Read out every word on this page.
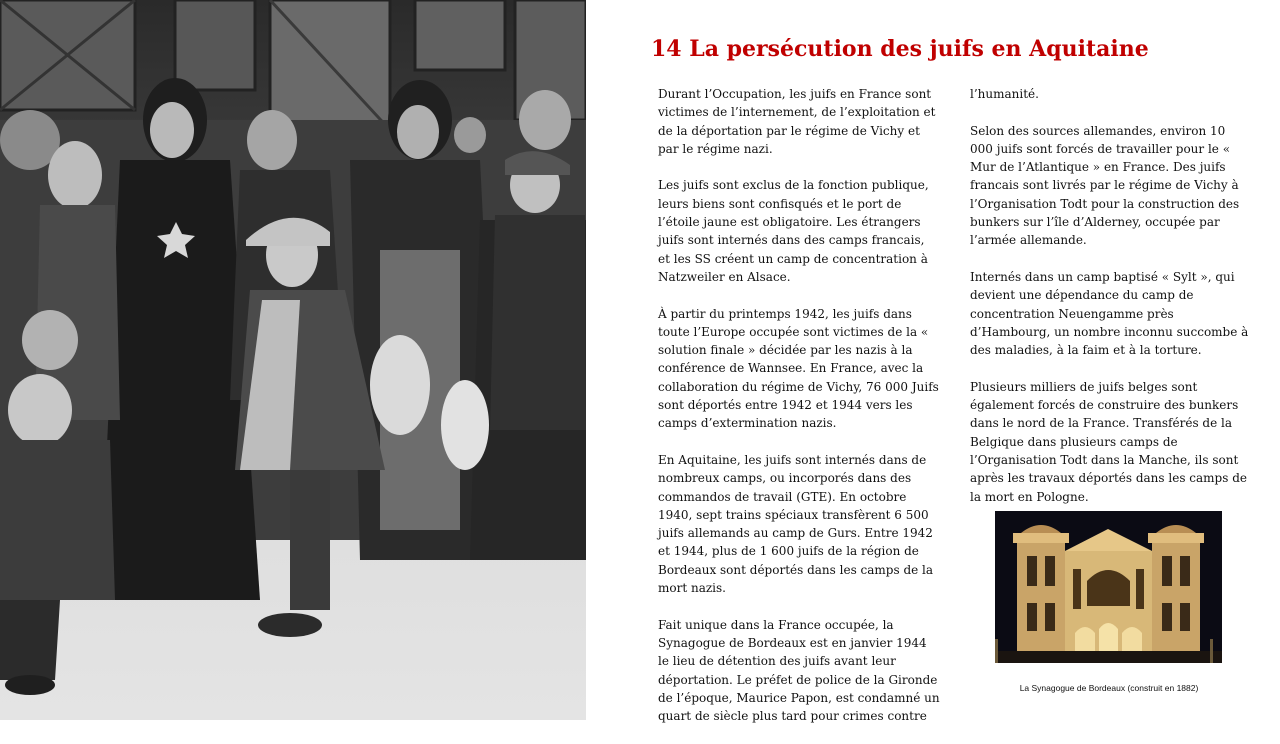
14 La persécution des juifs en Aquitaine

Durant l’Occupation, les juifs en France sont victimes de l’internement, de l’exploitation et de la déportation par le régime de Vichy et par le régime nazi.

Les juifs sont exclus de la fonction publique, leurs biens sont confisqués et le port de l’étoile jaune est obligatoire. Les étrangers juifs sont internés dans des camps francais, et les SS créent un camp de concentration à Natzweiler en Alsace.

À partir du printemps 1942, les juifs dans toute l’Europe occupée sont victimes de la « solution finale » décidée par les nazis à la conférence de Wannsee. En France, avec la collaboration du régime de Vichy, 76 000 Juifs sont déportés entre 1942 et 1944 vers les camps d’extermination nazis.

En Aquitaine, les juifs sont internés dans de nombreux camps, ou incorporés dans des commandos de travail (GTE). En octobre 1940, sept trains spéciaux transfèrent 6 500 juifs allemands au camp de Gurs. Entre 1942 et 1944, plus de 1 600 juifs de la région de Bordeaux sont déportés dans les camps de la mort nazis.

Fait unique dans la France occupée, la Synagogue de Bordeaux est en janvier 1944 le lieu de détention des juifs avant leur déportation. Le préfet de police de la Gironde de l’époque, Maurice Papon, est condamné un quart de siècle plus tard pour crimes contre

l’humanité.

Selon des sources allemandes, environ 10 000 juifs sont forcés de travailler pour le « Mur de l’Atlantique » en France. Des juifs francais sont livrés par le régime de Vichy à l’Organisation Todt pour la construction des bunkers sur l’île d’Alderney, occupée par l’armée allemande.

Internés dans un camp baptisé « Sylt », qui devient une dépendance du camp de concentration Neuengamme près d’Hambourg, un nombre inconnu succombe à des maladies, à la faim et à la torture.

Plusieurs milliers de juifs belges sont également forcés de construire des bunkers dans le nord de la France. Transférés de la Belgique dans plusieurs camps de l’Organisation Todt dans la Manche, ils sont après les travaux déportés dans les camps de la mort en Pologne.

La Synagogue de Bordeaux (construit en 1882)
